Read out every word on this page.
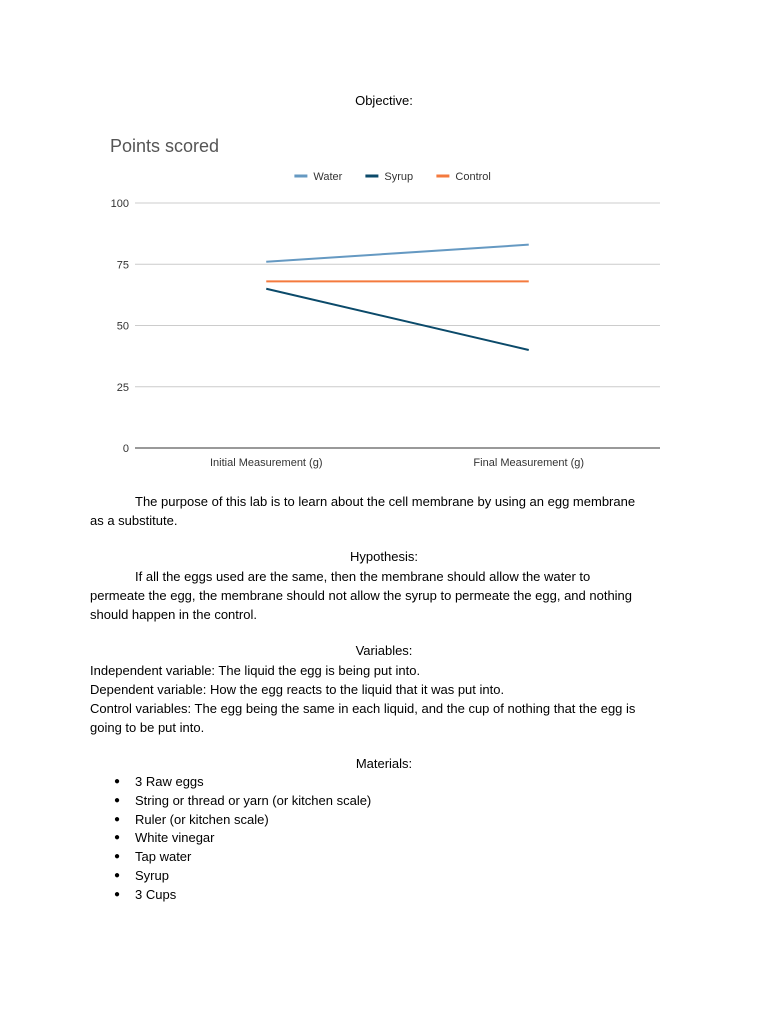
Objective:
Points scored
Water	Syrup	Control
0
25
50
75
100
Initial Measurement (g)	Final Measurement (g)

The purpose of this lab is to learn about the cell membrane by using an egg membrane
as a substitute.

Hypothesis:

If all the eggs used are the same, then the membrane should allow the water to
permeate the egg, the membrane should not allow the syrup to permeate the egg, and nothing
should happen in the control.

Variables:

Independent variable: The liquid the egg is being put into.
Dependent variable: How the egg reacts to the liquid that it was put into.
Control variables: The egg being the same in each liquid, and the cup of nothing that the egg is
going to be put into.

Materials:
● 3 Raw eggs
● String or thread or yarn (or kitchen scale)
● Ruler (or kitchen scale)
● White vinegar
● Tap water
● Syrup
● 3 Cups
